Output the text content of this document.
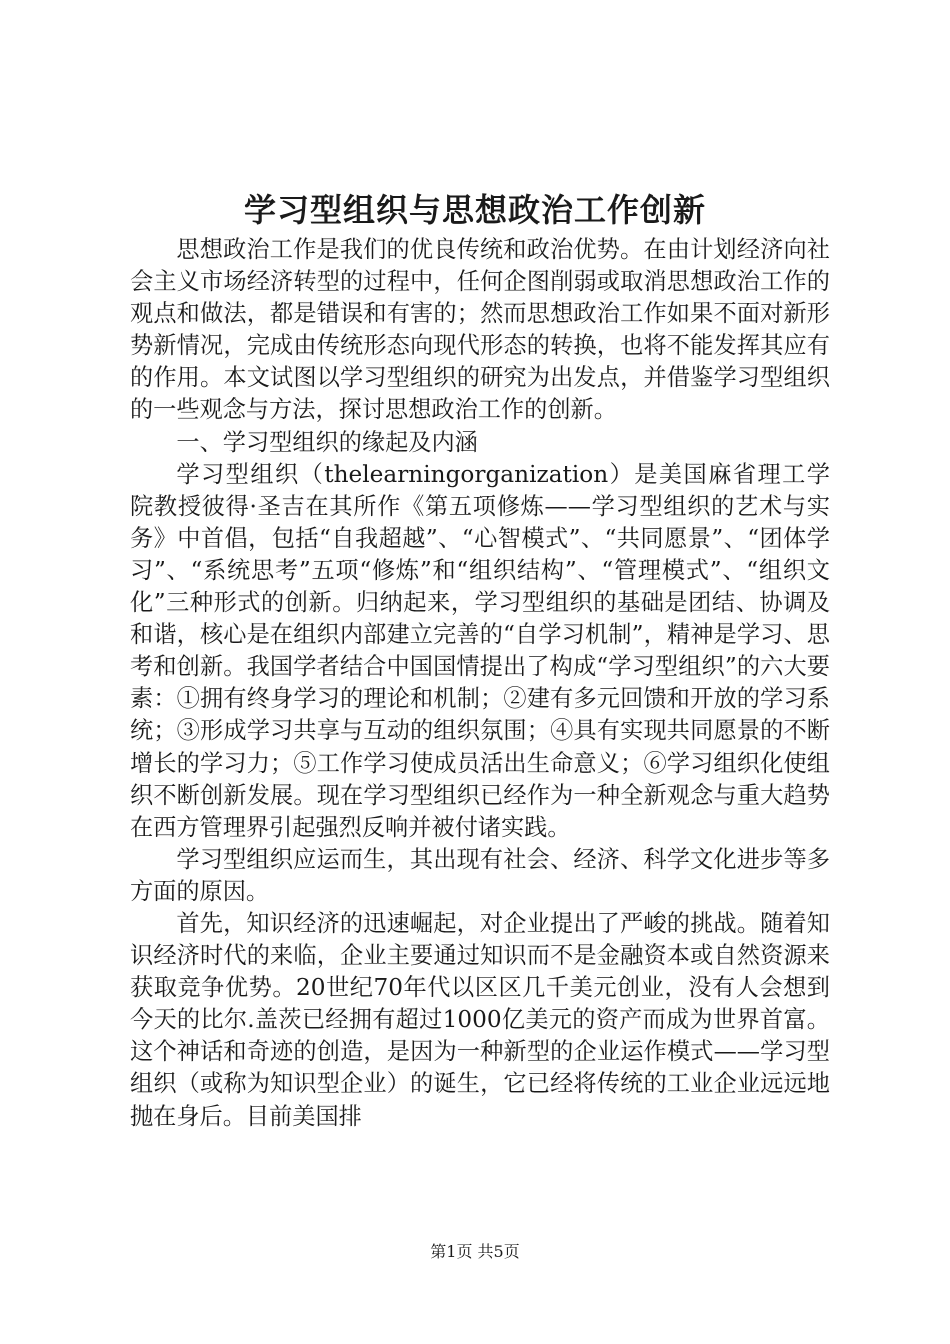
学习型组织与思想政治工作创新

思想政治工作是我们的优良传统和政治优势。在由计划经济向社会主义市场经济转型的过程中，任何企图削弱或取消思想政治工作的观点和做法，都是错误和有害的；然而思想政治工作如果不面对新形势新情况，完成由传统形态向现代形态的转换，也将不能发挥其应有的作用。本文试图以学习型组织的研究为出发点，并借鉴学习型组织的一些观念与方法，探讨思想政治工作的创新。

一、学习型组织的缘起及内涵

学习型组织（thelearningorganization）是美国麻省理工学院教授彼得·圣吉在其所作《第五项修炼——学习型组织的艺术与实务》中首倡，包括“自我超越”、“心智模式”、“共同愿景”、“团体学习”、“系统思考”五项“修炼”和“组织结构”、“管理模式”、“组织文化”三种形式的创新。归纳起来，学习型组织的基础是团结、协调及和谐，核心是在组织内部建立完善的“自学习机制”，精神是学习、思考和创新。我国学者结合中国国情提出了构成“学习型组织”的六大要素：①拥有终身学习的理论和机制；②建有多元回馈和开放的学习系统；③形成学习共享与互动的组织氛围；④具有实现共同愿景的不断增长的学习力；⑤工作学习使成员活出生命意义；⑥学习组织化使组织不断创新发展。现在学习型组织已经作为一种全新观念与重大趋势在西方管理界引起强烈反响并被付诸实践。

学习型组织应运而生，其出现有社会、经济、科学文化进步等多方面的原因。

首先，知识经济的迅速崛起，对企业提出了严峻的挑战。随着知识经济时代的来临，企业主要通过知识而不是金融资本或自然资源来获取竞争优势。20世纪70年代以区区几千美元创业，没有人会想到今天的比尔.盖茨已经拥有超过1000亿美元的资产而成为世界首富。这个神话和奇迹的创造，是因为一种新型的企业运作模式——学习型组织（或称为知识型企业）的诞生，它已经将传统的工业企业远远地抛在身后。目前美国排

第1页 共5页
